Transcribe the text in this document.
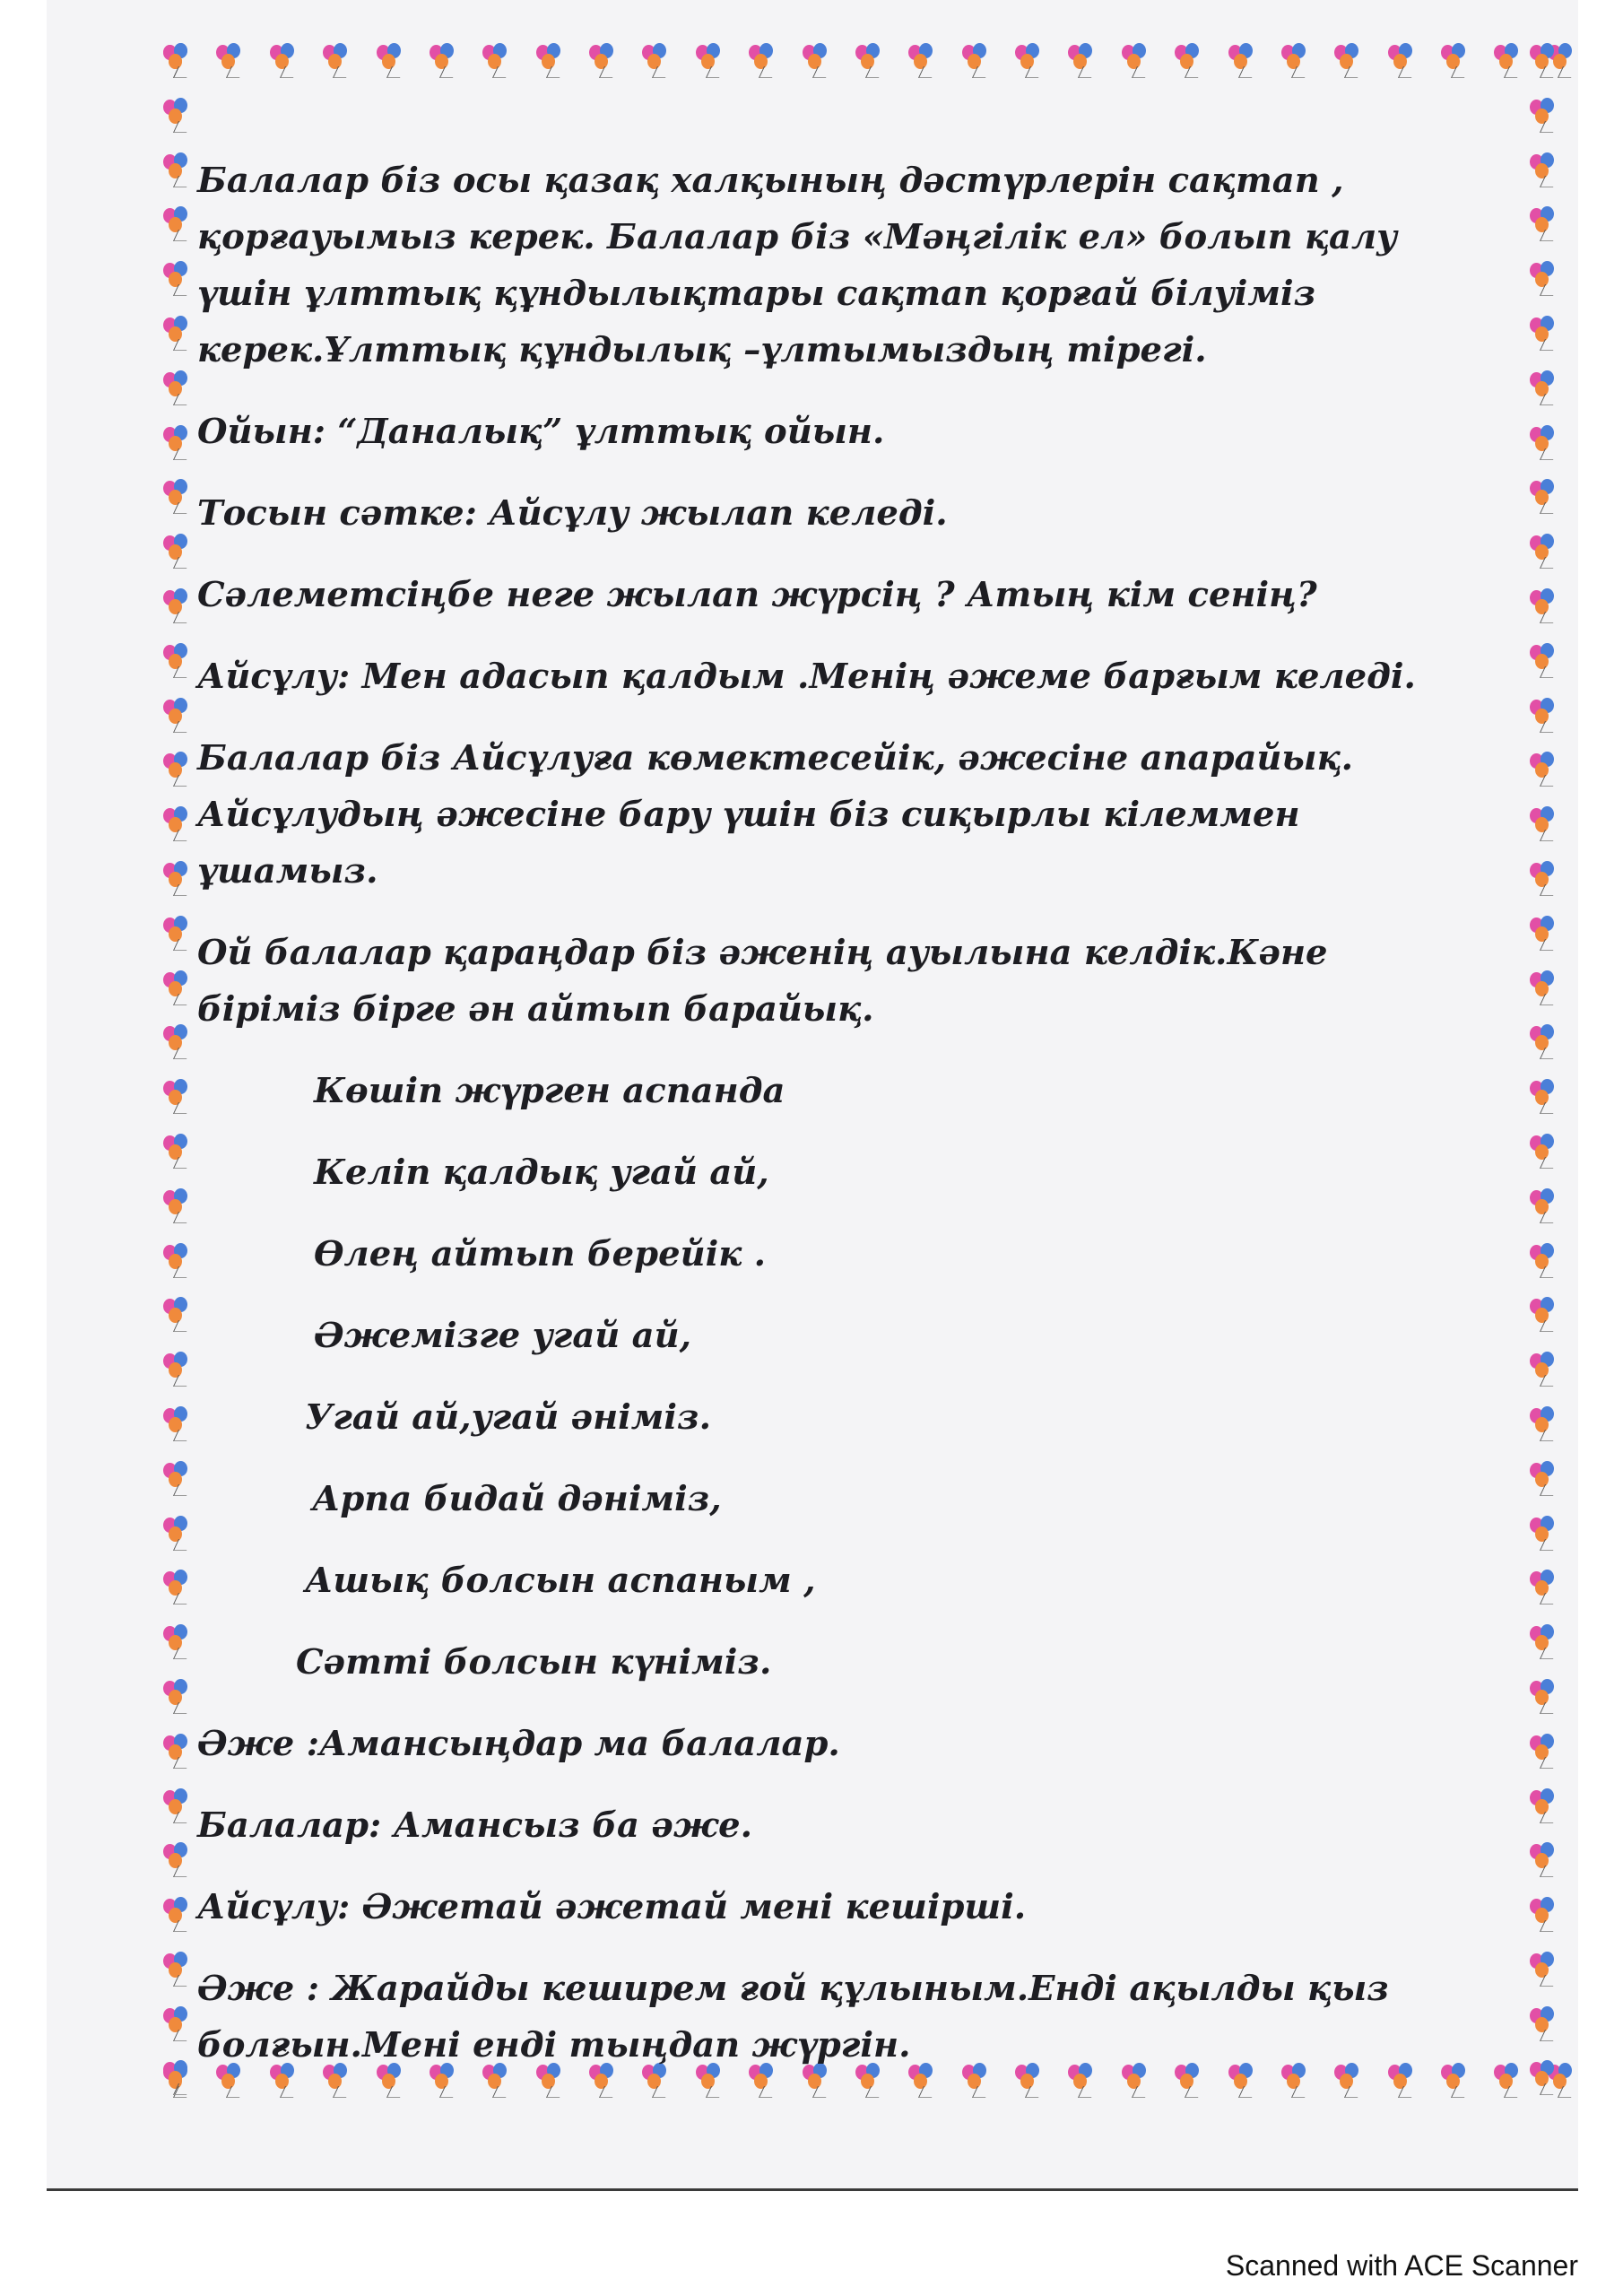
Балалар біз осы қазақ халқының дәстүрлерін сақтап , қорғауымыз керек. Балалар біз «Мәңгілік ел» болып қалу үшін ұлттық құндылықтары сақтап қорғай білуіміз керек.Ұлттық құндылық –ұлтымыздың тірегі.

Ойын: “Даналық” ұлттық ойын.

Тосын сәтке: Айсұлу жылап келеді.

Сәлеметсіңбе неге жылап жүрсің ? Атың кім сенің?

Айсұлу: Мен адасып қалдым .Менің әжеме барғым келеді.

Балалар біз Айсұлуға көмектесейік, әжесіне апарайық. Айсұлудың әжесіне бару үшін біз сиқырлы кілеммен ұшамыз.

Ой балалар қараңдар біз әженің ауылына келдік.Кәне біріміз бірге ән айтып барайық.

Көшіп жүрген аспанда

Келіп қалдық угай ай,

Өлең айтып берейік .

Әжемізге угай ай,

Угай ай,угай әніміз.

Арпа бидай дәніміз,

Ашық болсын аспаным ,

Сәтті болсын күніміз.

Әже :Амансыңдар ма балалар.

Балалар: Амансыз ба әже.

Айсұлу: Әжетай әжетай мені кешірші.

Әже : Жарайды кеширем ғой құлыным.Енді ақылды қыз болғын.Мені енді тыңдап жүргін.

Scanned with ACE Scanner
